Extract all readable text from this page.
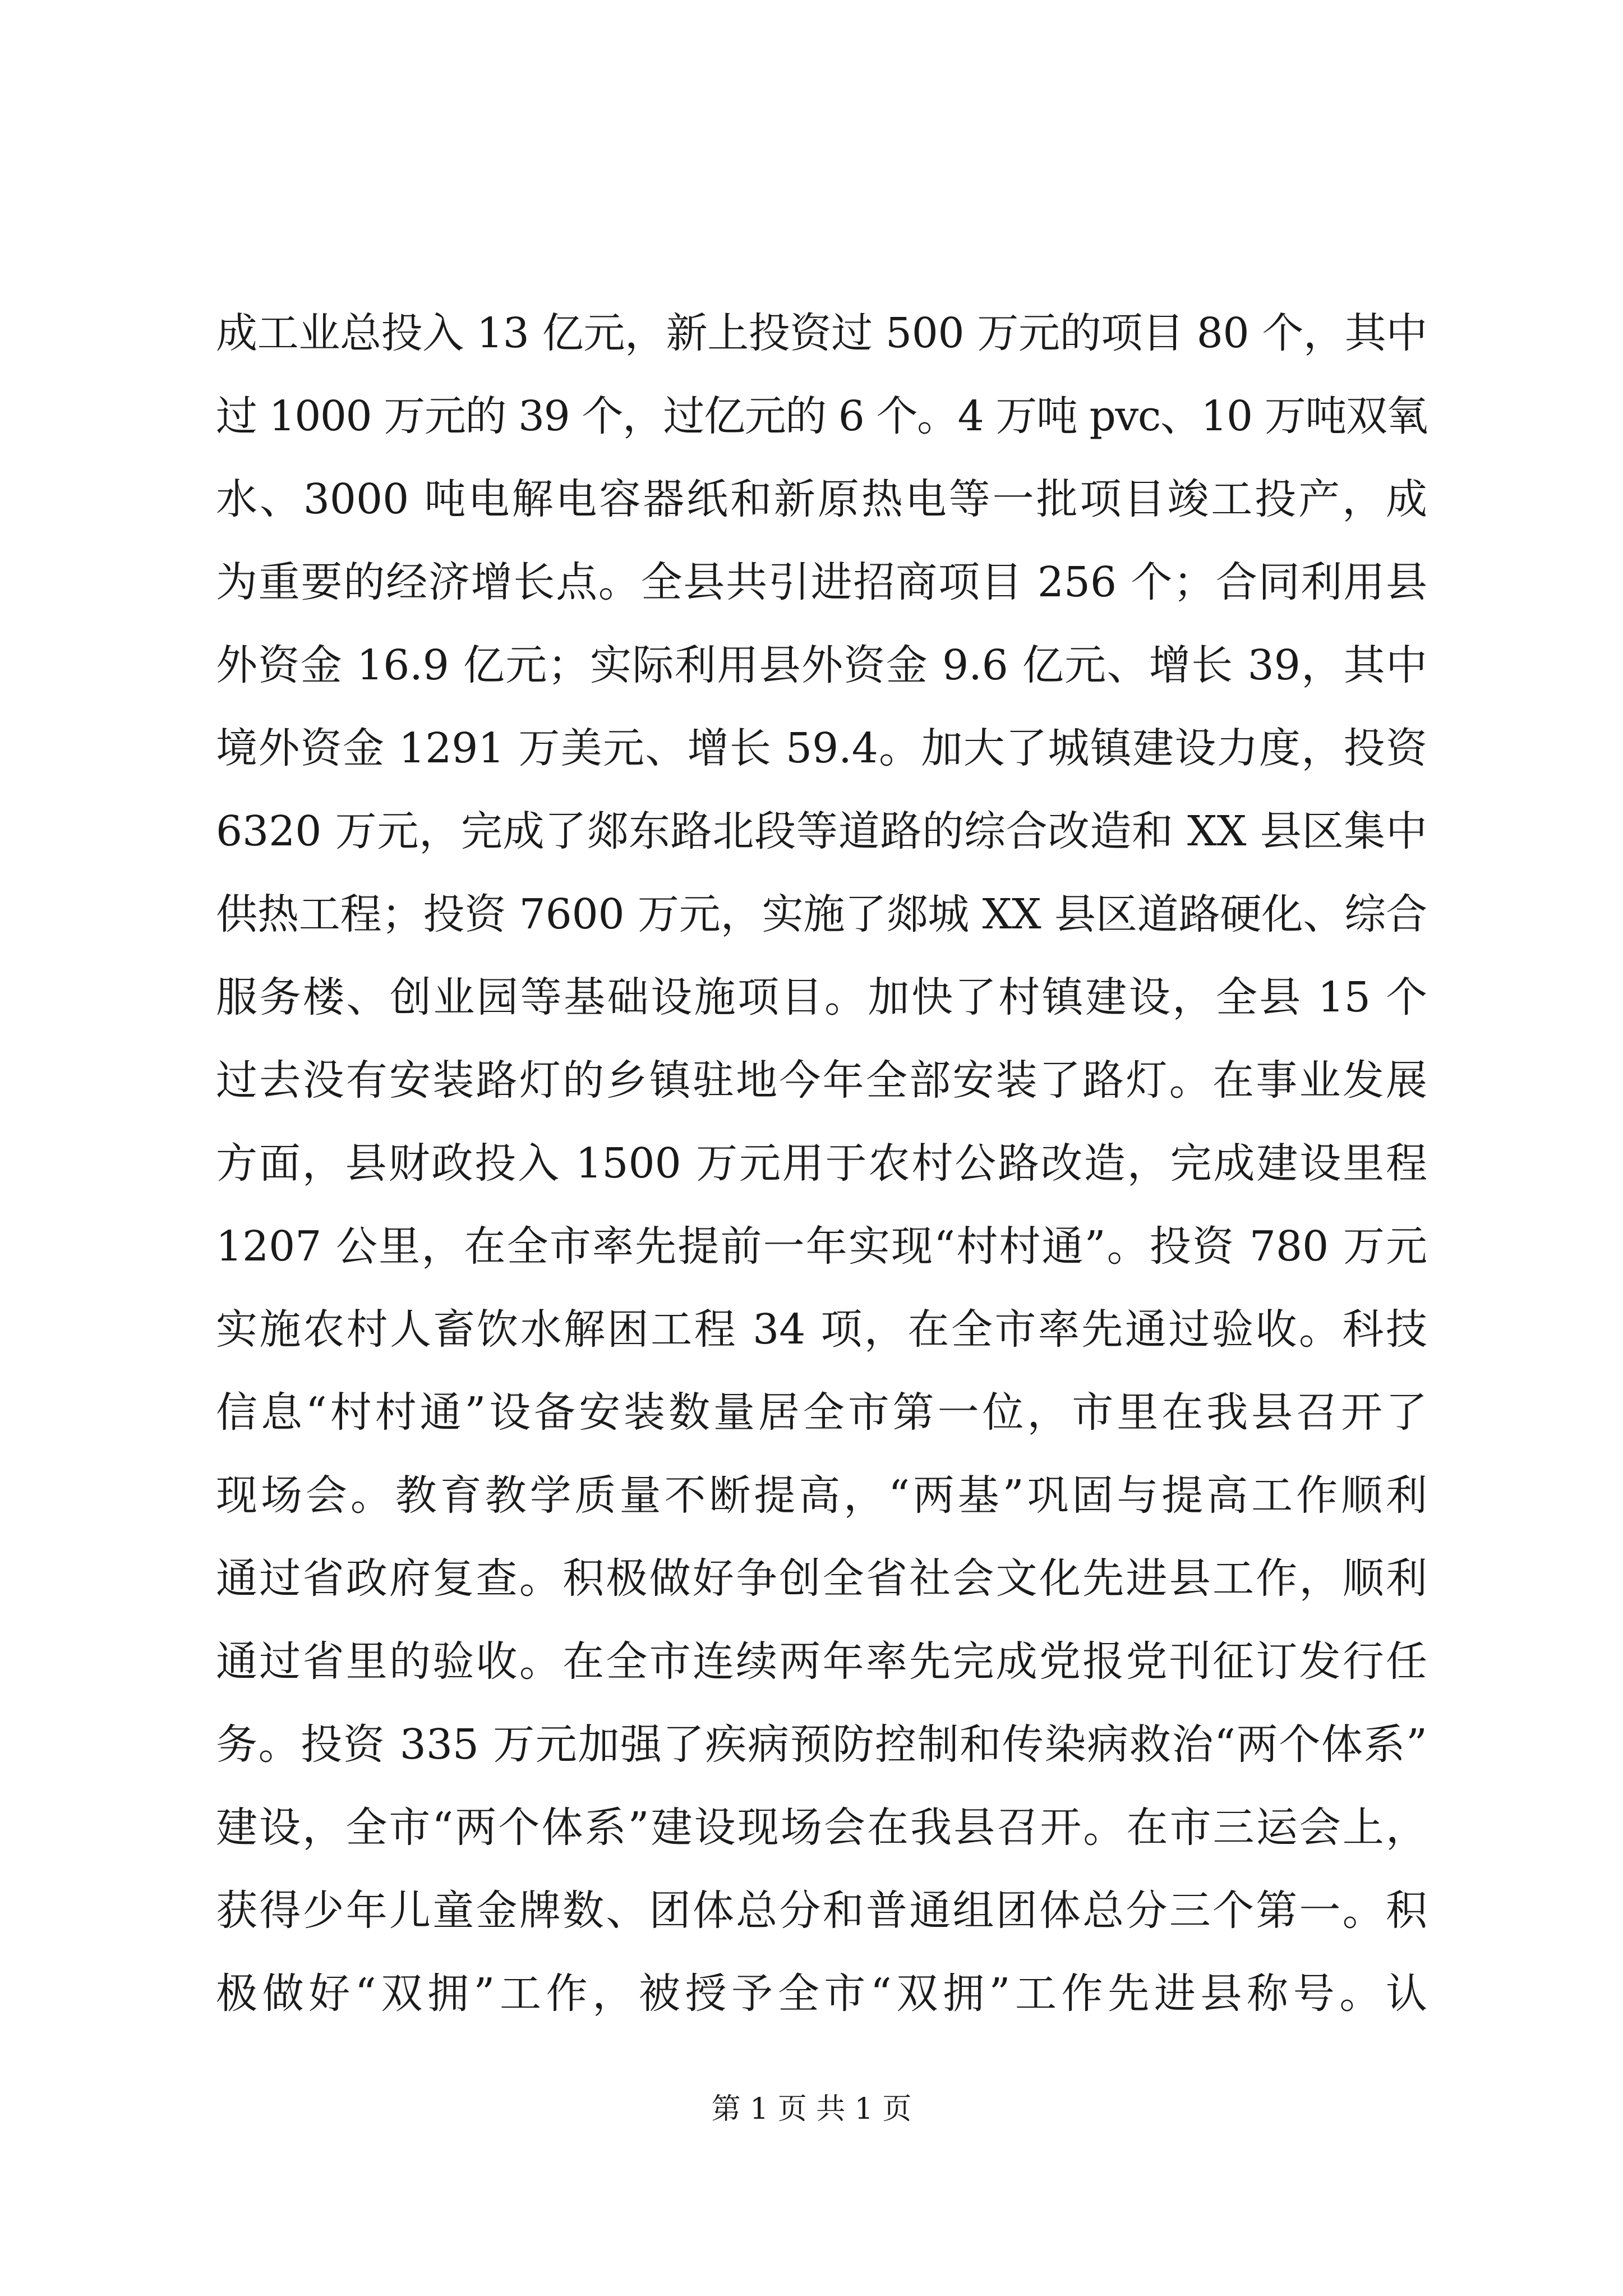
成工业总投入 13 亿元，新上投资过 500 万元的项目 80 个，其中
过 1000 万元的 39 个，过亿元的 6 个。4 万吨 pvc、10 万吨双氧
水、3000 吨电解电容器纸和新原热电等一批项目竣工投产，成
为重要的经济增长点。全县共引进招商项目 256 个；合同利用县
外资金 16.9 亿元；实际利用县外资金 9.6 亿元、增长 39，其中
境外资金 1291 万美元、增长 59.4。加大了城镇建设力度，投资
6320 万元，完成了郯东路北段等道路的综合改造和 XX 县区集中
供热工程；投资 7600 万元，实施了郯城 XX 县区道路硬化、综合
服务楼、创业园等基础设施项目。加快了村镇建设，全县 15 个
过去没有安装路灯的乡镇驻地今年全部安装了路灯。在事业发展
方面，县财政投入 1500 万元用于农村公路改造，完成建设里程
1207 公里，在全市率先提前一年实现“村村通”。投资 780 万元
实施农村人畜饮水解困工程 34 项，在全市率先通过验收。科技
信息“村村通”设备安装数量居全市第一位，市里在我县召开了
现场会。教育教学质量不断提高，“两基”巩固与提高工作顺利
通过省政府复查。积极做好争创全省社会文化先进县工作，顺利
通过省里的验收。在全市连续两年率先完成党报党刊征订发行任
务。投资 335 万元加强了疾病预防控制和传染病救治“两个体系”
建设，全市“两个体系”建设现场会在我县召开。在市三运会上，
获得少年儿童金牌数、团体总分和普通组团体总分三个第一。积
极做好“双拥”工作，被授予全市“双拥”工作先进县称号。认
第 1 页 共 1 页
